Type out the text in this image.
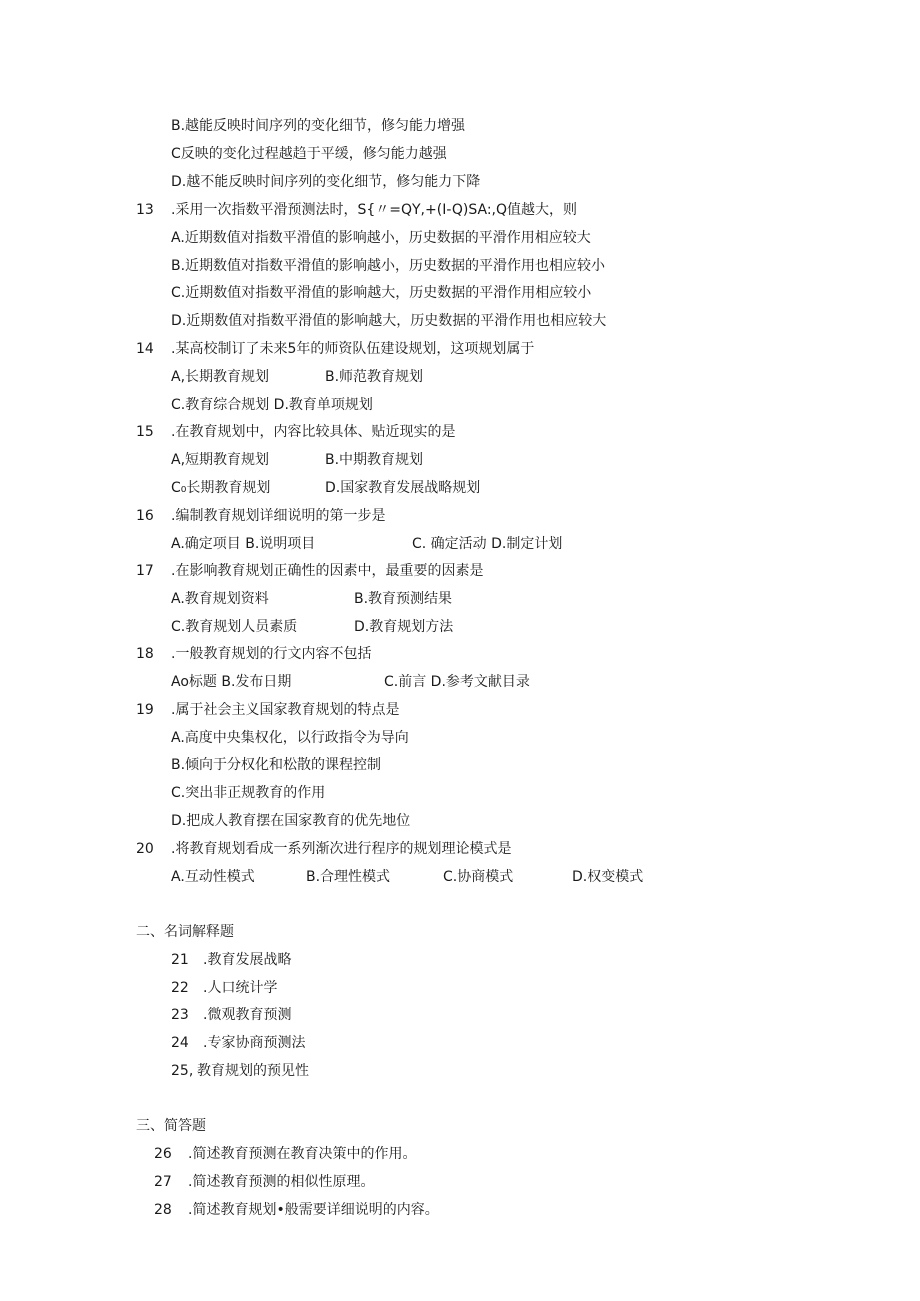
B.越能反映时间序列的变化细节，修匀能力增强
C反映的变化过程越趋于平缓，修匀能力越强
D.越不能反映时间序列的变化细节，修匀能力下降
13 .采用一次指数平滑预测法时，S{〃=QY,+(I-Q)SA:,Q值越大，则
A.近期数值对指数平滑值的影响越小，历史数据的平滑作用相应较大
B.近期数值对指数平滑值的影响越小，历史数据的平滑作用也相应较小
C.近期数值对指数平滑值的影响越大，历史数据的平滑作用相应较小
D.近期数值对指数平滑值的影响越大，历史数据的平滑作用也相应较大
14 .某高校制订了未来5年的师资队伍建设规划，这项规划属于
A,长期教育规划	B.师范教育规划
C.教育综合规划 D.教育单项规划
15 .在教育规划中，内容比较具体、贴近现实的是
A,短期教育规划	B.中期教育规划
C₀长期教育规划	D.国家教育发展战略规划
16 .编制教育规划详细说明的第一步是
A.确定项目 B.说明项目	C. 确定活动 D.制定计划
17 .在影响教育规划正确性的因素中，最重要的因素是
A.教育规划资料	B.教育预测结果
C.教育规划人员素质	D.教育规划方法
18 .一般教育规划的行文内容不包括
Ao标题 B.发布日期	C.前言 D.参考文献目录
19 .属于社会主义国家教育规划的特点是
A.高度中央集权化，以行政指令为导向
B.倾向于分权化和松散的课程控制
C.突出非正规教育的作用
D.把成人教育摆在国家教育的优先地位
20 .将教育规划看成一系列渐次进行程序的规划理论模式是
A.互动性模式	B.合理性模式	C.协商模式	D.权变模式
二、名词解释题
21 .教育发展战略
22 .人口统计学
23 .微观教育预测
24 .专家协商预测法
25, 教育规划的预见性
三、简答题
26 .简述教育预测在教育决策中的作用。
27 .简述教育预测的相似性原理。
28 .简述教育规划•般需要详细说明的内容。
